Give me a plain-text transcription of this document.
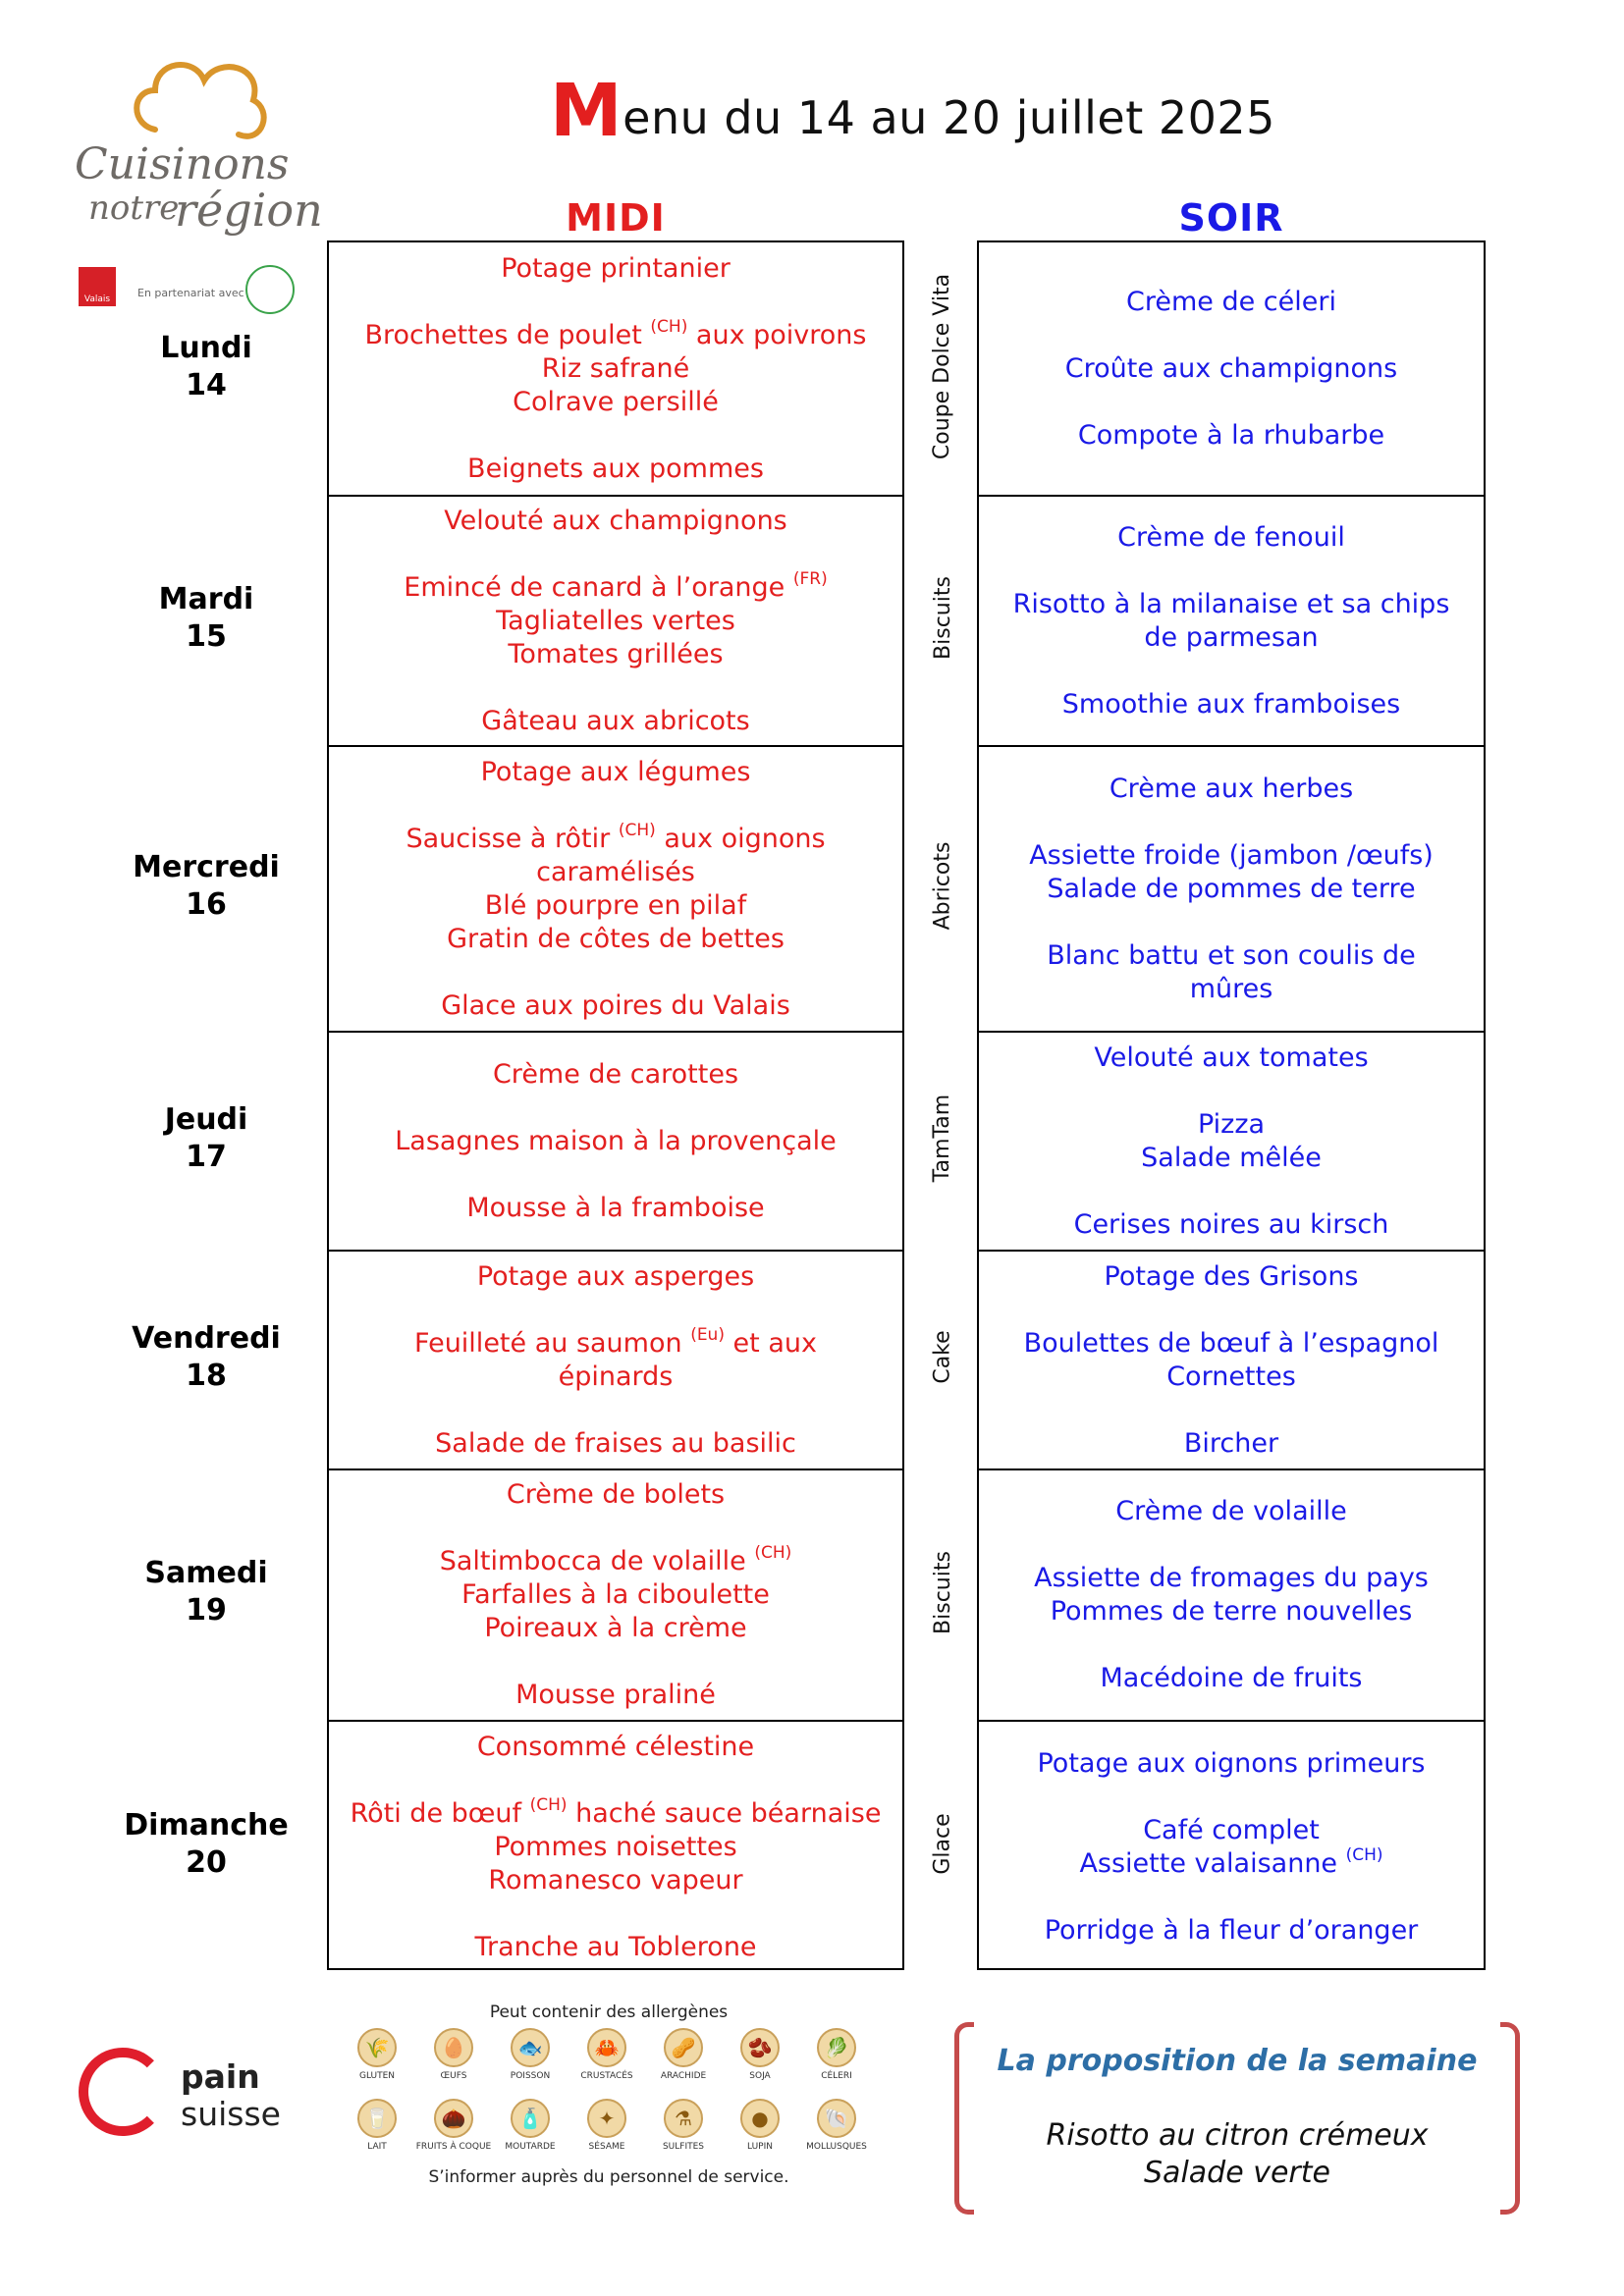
Cuisinons
notre
région
Valais	En partenariat avec
Menu du 14 au 20 juillet 2025
MIDI	SOIR
Potage printanier
Brochettes de poulet $^{(CH)}$ aux poivrons
Riz safrané
Colrave persillé
Beignets aux pommes
Velouté aux champignons
Emincé de canard à l’orange $^{(FR)}$
Tagliatelles vertes
Tomates grillées
Gâteau aux abricots
Potage aux légumes
Saucisse à rôtir $^{(CH)}$ aux oignons
caramélisés
Blé pourpre en pilaf
Gratin de côtes de bettes
Glace aux poires du Valais
Crème de carottes
Lasagnes maison à la provençale
Mousse à la framboise
Potage aux asperges
Feuilleté au saumon $^{(Eu)}$ et aux
épinards
Salade de fraises au basilic
Crème de bolets
Saltimbocca de volaille $^{(CH)}$
Farfalles à la ciboulette
Poireaux à la crème
Mousse praliné
Consommé célestine
Rôti de bœuf $^{(CH)}$ haché sauce béarnaise
Pommes noisettes
Romanesco vapeur
Tranche au Toblerone
Crème de céleri
Croûte aux champignons
Compote à la rhubarbe
Crème de fenouil
Risotto à la milanaise et sa chips
de parmesan
Smoothie aux framboises
Crème aux herbes
Assiette froide (jambon /œufs)
Salade de pommes de terre
Blanc battu et son coulis de
mûres
Velouté aux tomates
Pizza
Salade mêlée
Cerises noires au kirsch
Potage des Grisons
Boulettes de bœuf à l’espagnol
Cornettes
Bircher
Crème de volaille
Assiette de fromages du pays
Pommes de terre nouvelles
Macédoine de fruits
Potage aux oignons primeurs
Café complet
Assiette valaisanne $^{(CH)}$
Porridge à la fleur d’oranger
Lundi
14
Mardi
15
Mercredi
16
Jeudi
17
Vendredi
18
Samedi
19
Dimanche
20
Coupe Dolce Vita
Biscuits
Abricots
TamTam
Cake
Biscuits
Glace
pain
suisse
Peut contenir des allergènes
🌾
GLUTEN
🥚
ŒUFS
🐟
POISSON
🦀
CRUSTACÉS
🥜
ARACHIDE
🫘
SOJA
🥬
CÉLERI
🥛
LAIT
🌰
FRUITS À COQUE
🧴
MOUTARDE
✦
SÉSAME
⚗
SULFITES
●
LUPIN
🐚
MOLLUSQUES
S’informer auprès du personnel de service.
La proposition de la semaine
Risotto au citron crémeux
Salade verte
